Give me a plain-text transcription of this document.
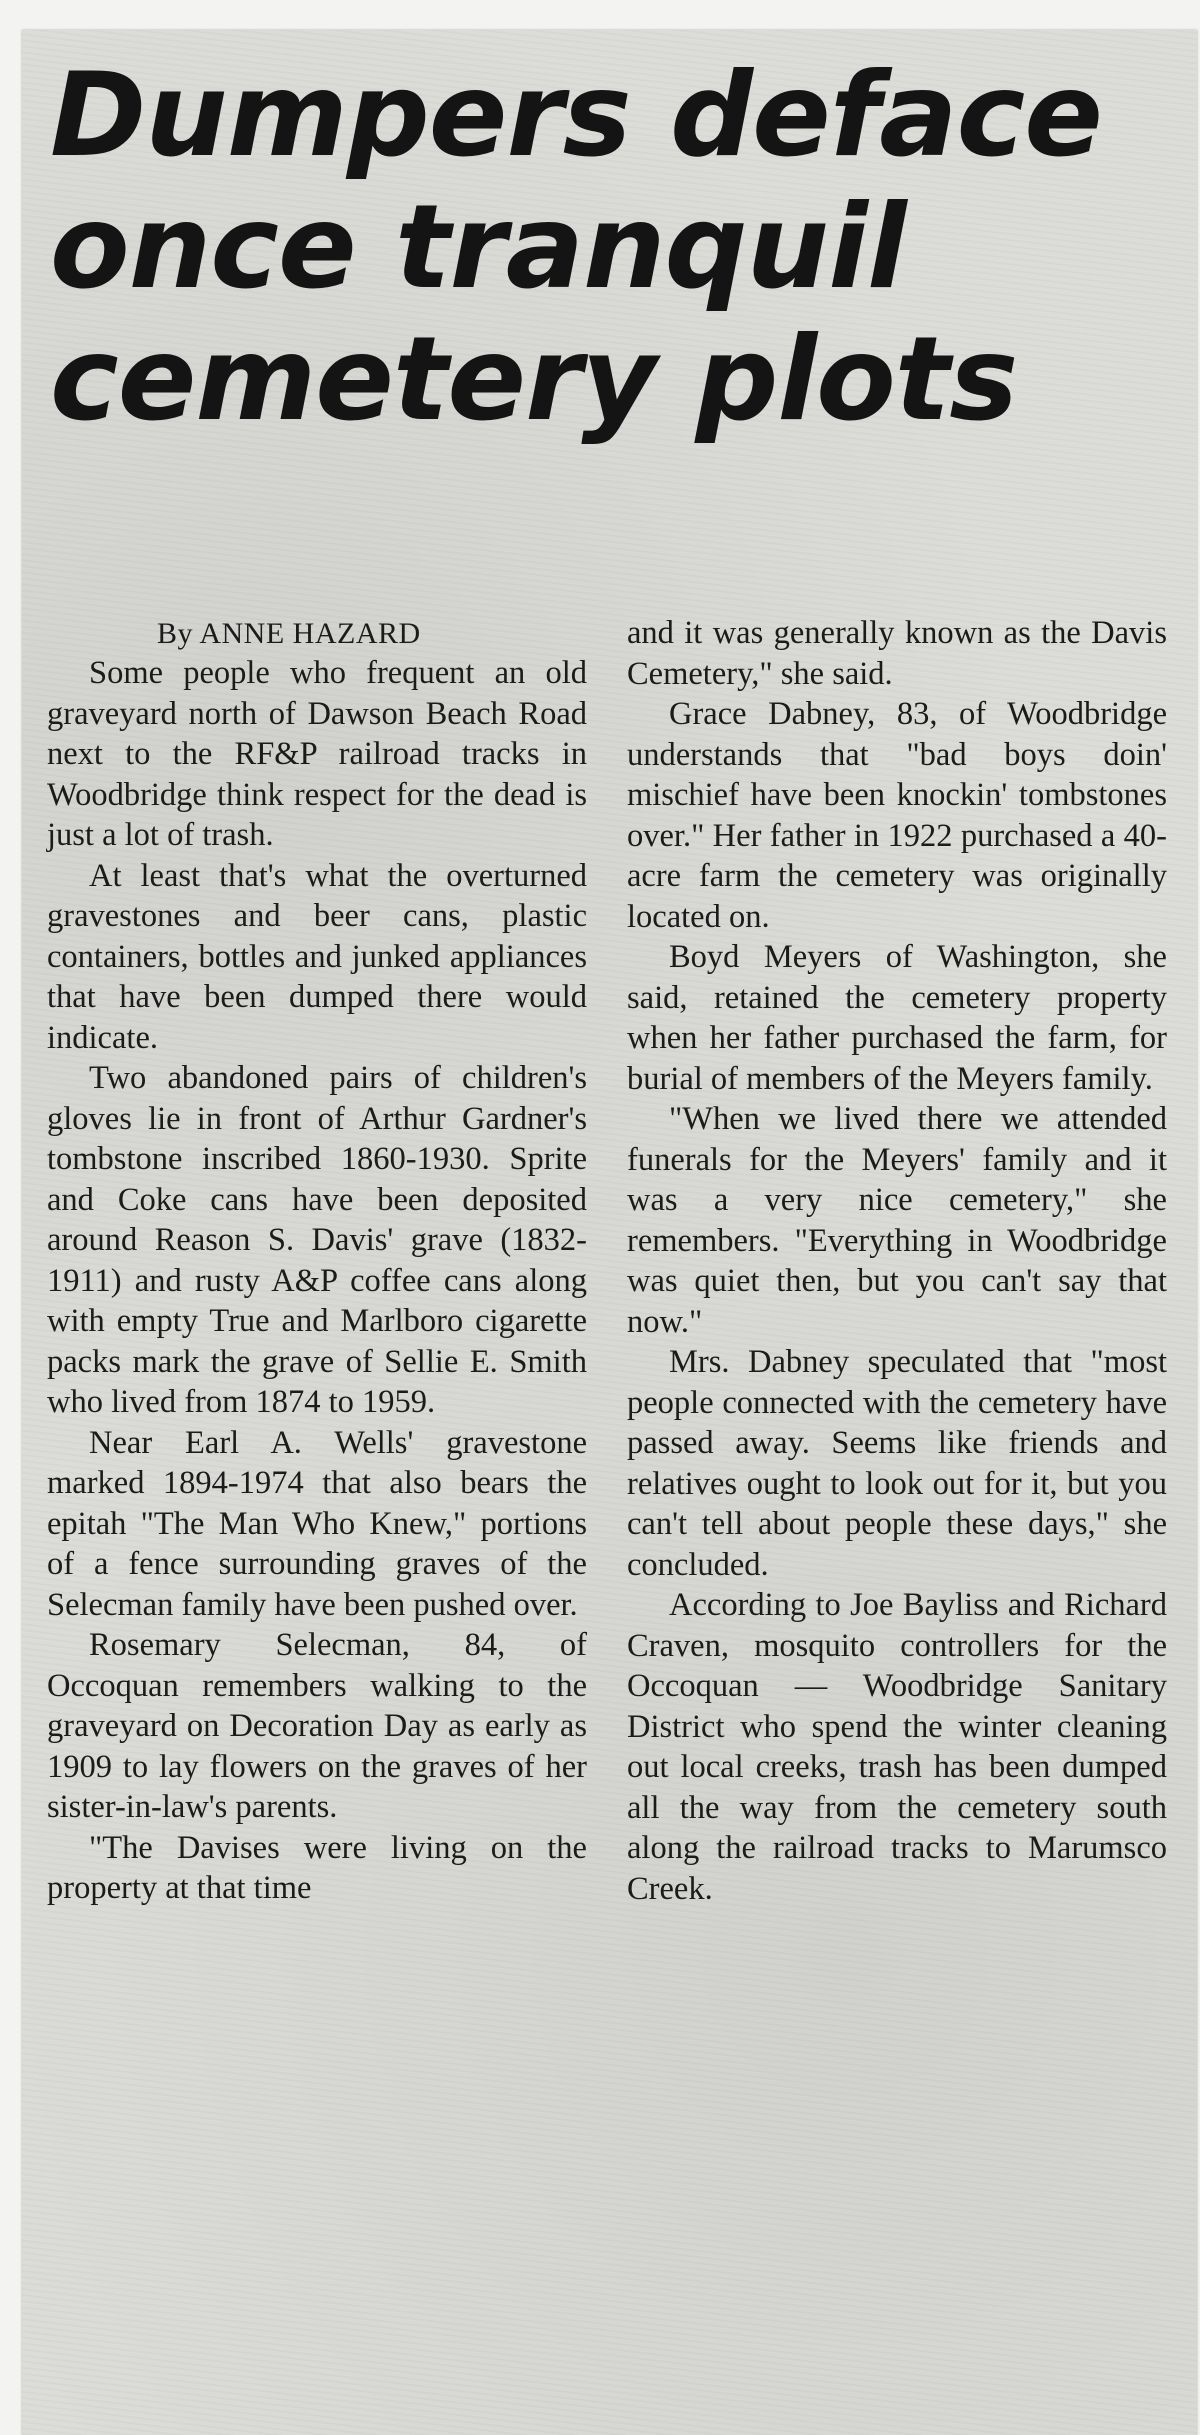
Dumpers deface
once tranquil
cemetery plots
By ANNE HAZARD

Some people who frequent an old graveyard north of Dawson Beach Road next to the RF&P railroad tracks in Woodbridge think respect for the dead is just a lot of trash.

At least that's what the overturned gravestones and beer cans, plastic containers, bottles and junked appliances that have been dumped there would indicate.

Two abandoned pairs of children's gloves lie in front of Arthur Gardner's tombstone inscribed 1860-1930. Sprite and Coke cans have been deposited around Reason S. Davis' grave (1832-1911) and rusty A&P coffee cans along with empty True and Marlboro cigarette packs mark the grave of Sellie E. Smith who lived from 1874 to 1959.

Near Earl A. Wells' gravestone marked 1894-1974 that also bears the epitah "The Man Who Knew," portions of a fence surrounding graves of the Selecman family have been pushed over.

Rosemary Selecman, 84, of Occoquan remembers walking to the graveyard on Decoration Day as early as 1909 to lay flowers on the graves of her sister-in-law's parents.

"The Davises were living on the property at that time

and it was generally known as the Davis Cemetery," she said.

Grace Dabney, 83, of Woodbridge understands that "bad boys doin' mischief have been knockin' tombstones over." Her father in 1922 purchased a 40-acre farm the cemetery was originally located on.

Boyd Meyers of Washington, she said, retained the cemetery property when her father purchased the farm, for burial of members of the Meyers family.

"When we lived there we attended funerals for the Meyers' family and it was a very nice cemetery," she remembers. "Everything in Woodbridge was quiet then, but you can't say that now."

Mrs. Dabney speculated that "most people connected with the cemetery have passed away. Seems like friends and relatives ought to look out for it, but you can't tell about people these days," she concluded.

According to Joe Bayliss and Richard Craven, mosquito controllers for the Occoquan — Woodbridge Sanitary District who spend the winter cleaning out local creeks, trash has been dumped all the way from the cemetery south along the railroad tracks to Marumsco Creek.
